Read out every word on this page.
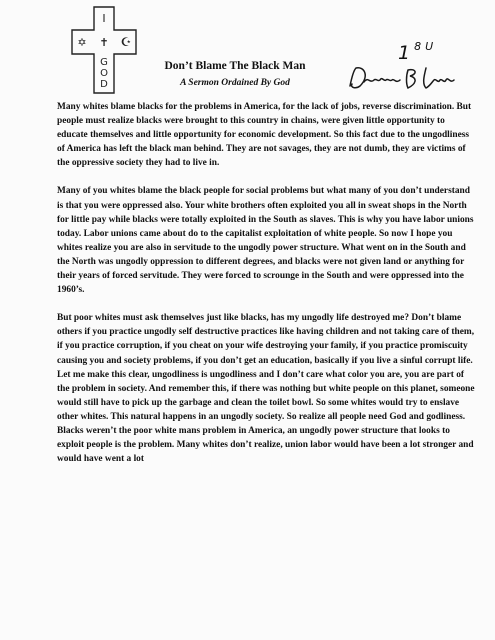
I
✡ ✝ ☪
G
O
D
Don’t Blame The Black Man
A Sermon Ordained By God
$1^{8U}$

Many whites blame blacks for the problems in America, for the lack of jobs, reverse discrimination. But people must realize blacks were brought to this country in chains, were given little opportunity to educate themselves and little opportunity for economic development. So this fact due to the ungodliness of America has left the black man behind. They are not savages, they are not dumb, they are victims of the oppressive society they had to live in.

Many of you whites blame the black people for social problems but what many of you don’t understand is that you were oppressed also. Your white brothers often exploited you all in sweat shops in the North for little pay while blacks were totally exploited in the South as slaves. This is why you have labor unions today. Labor unions came about do to the capitalist exploitation of white people. So now I hope you whites realize you are also in servitude to the ungodly power structure. What went on in the South and the North was ungodly oppression to different degrees, and blacks were not given land or anything for their years of forced servitude. They were forced to scrounge in the South and were oppressed into the 1960’s.

But poor whites must ask themselves just like blacks, has my ungodly life destroyed me? Don’t blame others if you practice ungodly self destructive practices like having children and not taking care of them, if you practice corruption, if you cheat on your wife destroying your family, if you practice promiscuity causing you and society problems, if you don’t get an education, basically if you live a sinful corrupt life. Let me make this clear, ungodliness is ungodliness and I don’t care what color you are, you are part of the problem in society. And remember this, if there was nothing but white people on this planet, someone would still have to pick up the garbage and clean the toilet bowl. So some whites would try to enslave other whites. This natural happens in an ungodly society. So realize all people need God and godliness. Blacks weren’t the poor white mans problem in America, an ungodly power structure that looks to exploit people is the problem. Many whites don’t realize, union labor would have been a lot stronger and would have went a lot
